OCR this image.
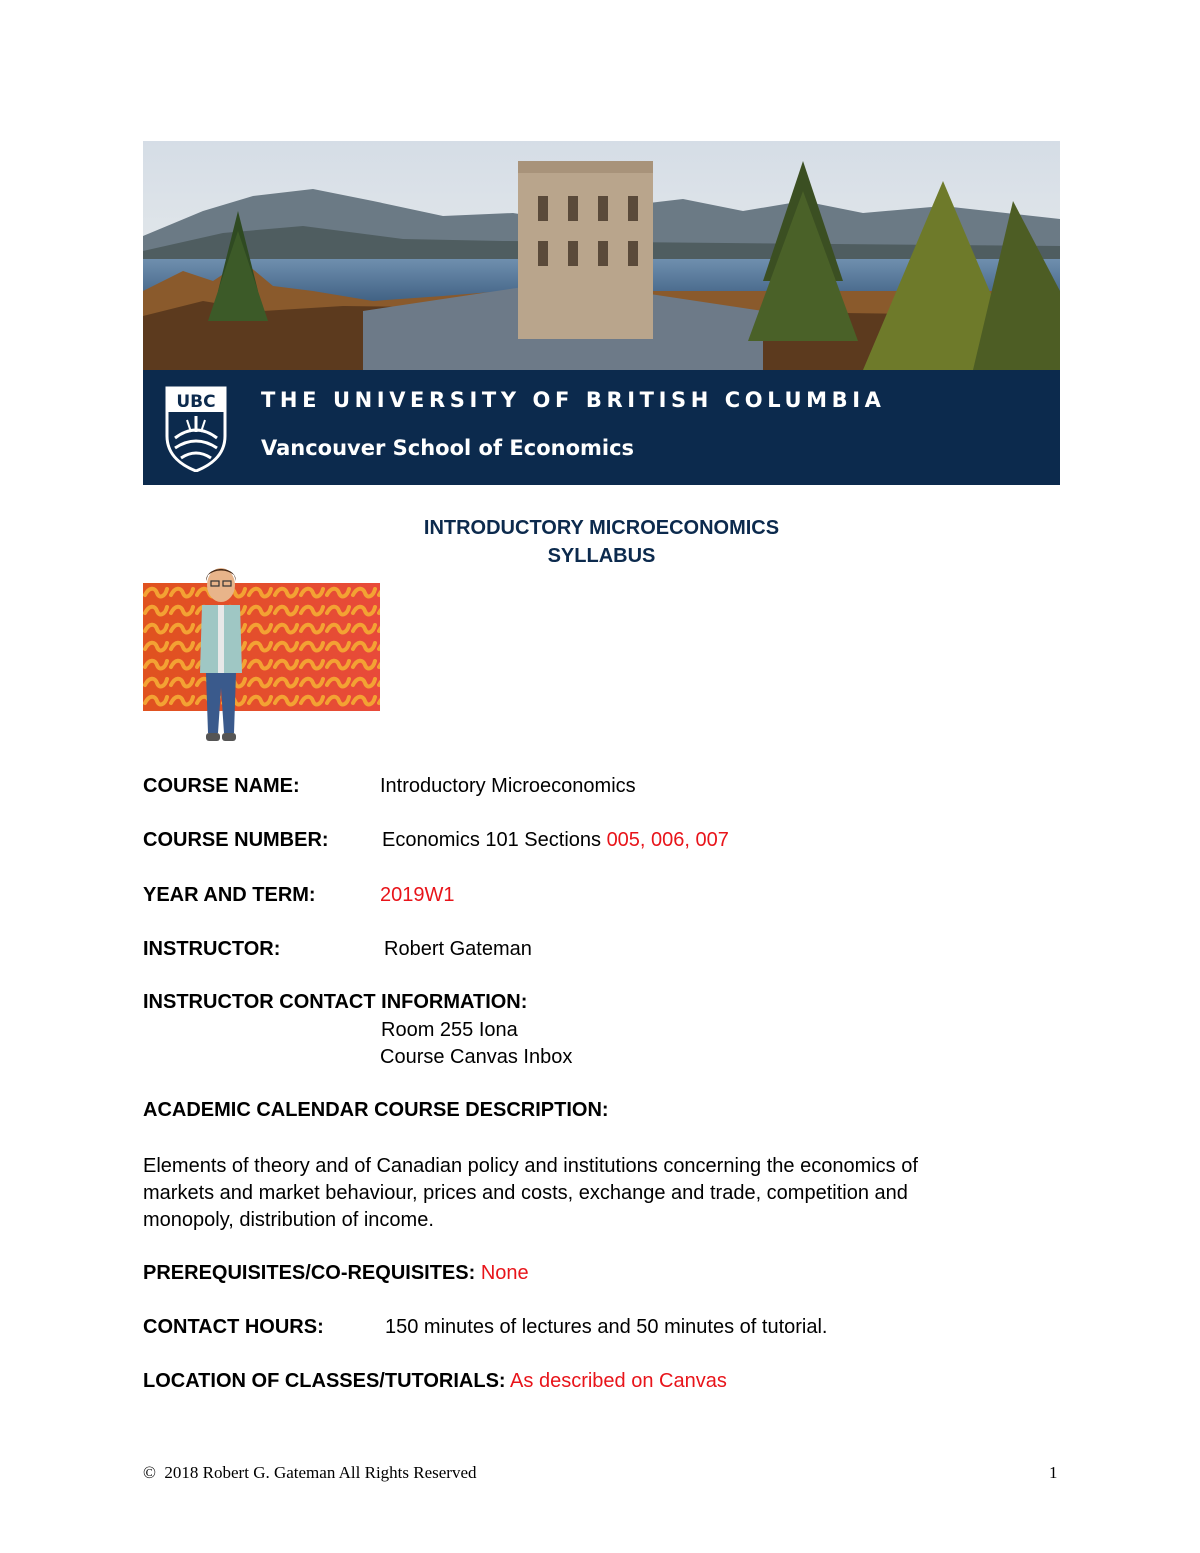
UBC THE UNIVERSITY OF BRITISH COLUMBIA
Vancouver School of Economics
INTRODUCTORY MICROECONOMICS
SYLLABUS
COURSE NAME:	Introductory Microeconomics
COURSE NUMBER:	Economics 101 Sections 005, 006, 007
YEAR AND TERM:	2019W1
INSTRUCTOR:	Robert Gateman
INSTRUCTOR CONTACT INFORMATION:
Room 255 Iona
Course Canvas Inbox
ACADEMIC CALENDAR COURSE DESCRIPTION:
Elements of theory and of Canadian policy and institutions concerning the economics of
markets and market behaviour, prices and costs, exchange and trade, competition and
monopoly, distribution of income.
PREREQUISITES/CO-REQUISITES: None
CONTACT HOURS:	150 minutes of lectures and 50 minutes of tutorial.
LOCATION OF CLASSES/TUTORIALS: As described on Canvas
© 2018 Robert G. Gateman All Rights Reserved	1
